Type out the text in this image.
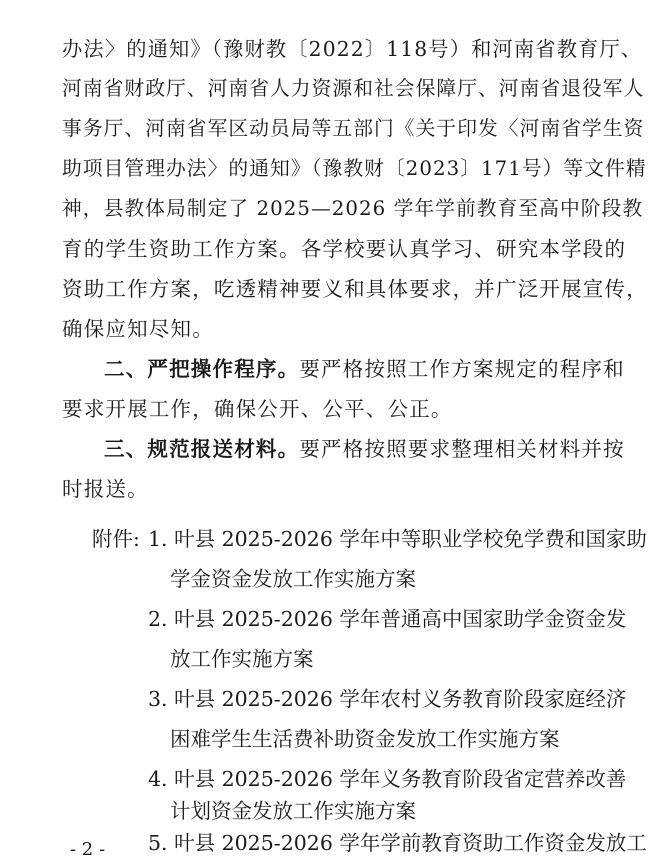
办法〉的通知》（豫财教〔2022〕118号）和河南省教育厅、
河南省财政厅、河南省人力资源和社会保障厅、河南省退役军人
事务厅、河南省军区动员局等五部门《关于印发〈河南省学生资
助项目管理办法〉的通知》（豫教财〔2023〕171号）等文件精
神，县教体局制定了 2025—2026 学年学前教育至高中阶段教
育的学生资助工作方案。各学校要认真学习、研究本学段的
资助工作方案，吃透精神要义和具体要求，并广泛开展宣传，
确保应知尽知。
二、严把操作程序。要严格按照工作方案规定的程序和
要求开展工作，确保公开、公平、公正。
三、规范报送材料。要严格按照要求整理相关材料并按
时报送。
附件: 1. 叶县 2025-2026 学年中等职业学校免学费和国家助
学金资金发放工作实施方案
2. 叶县 2025-2026 学年普通高中国家助学金资金发
放工作实施方案
3. 叶县 2025-2026 学年农村义务教育阶段家庭经济
困难学生生活费补助资金发放工作实施方案
4. 叶县 2025-2026 学年义务教育阶段省定营养改善
计划资金发放工作实施方案
5. 叶县 2025-2026 学年学前教育资助工作资金发放工
- 2 -
